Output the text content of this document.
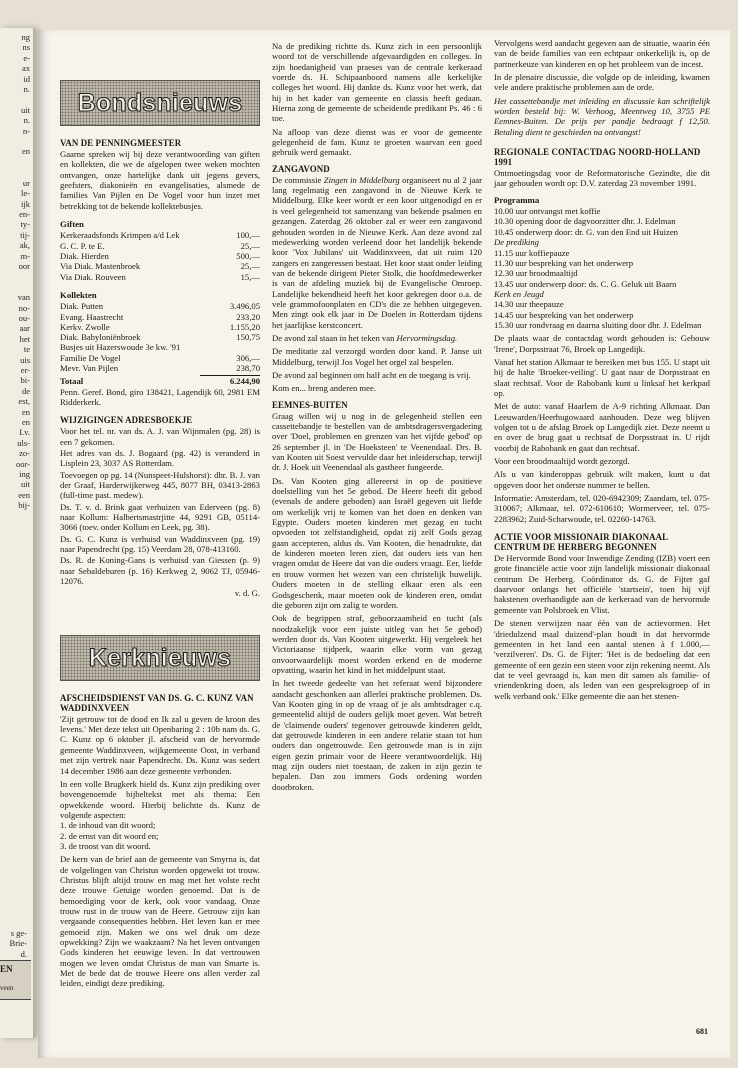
ng
ns
e-
ax
id
n.

uit
n.
n-

en

ur
le-
ijk
en-
ty-
tij-
ak,
m-
oor

van
no-
ou-
aar
het
te
uis
er-
bi-
de
est,
en
en
I.v.
uls-
zo-
oor-
ing
uit
een
bij-
s ge-
Brie-
d.
EN
veen
Bondsnieuws
VAN DE PENNINGMEESTER

Gaarne spreken wij bij deze verantwoording van giften en kollekten, die we de afgelopen twee weken mochten ontvangen, onze hartelijke dank uit jegens gevers, geefsters, diakonieën en evangelisaties, alsmede de families Van Pijlen en De Vogel voor hun inzet met betrekking tot de bekende kollektebusjes.

Giften
Kerkeraadsfonds Krimpen a/d Lek	100,—
G. C. P. te E.	25,—
Diak. Hierden	500,—
Via Diak. Mastenbroek	25,—
Via Diak. Rouveen	15,—
Kollekten
Diak. Putten	3.496,05
Evang. Haastrecht	233,20
Kerkv. Zwolle	1.155,20
Diak. Babyloniënbroek	150,75
Busjes uit Hazerswoude 3e kw. '91	
Familie De Vogel	306,—
Mevr. Van Pijlen	238,70
Totaal	6.244,90

Penn. Geref. Bond, giro 138421, Lagendijk 60, 2981 EM Ridderkerk.

WIJZIGINGEN ADRESBOEKJE

Voor het tel. nr. van ds. A. J. van Wijnmalen (pg. 28) is een 7 gekomen.

Het adres van ds. J. Bogaard (pg. 42) is veranderd in Lisplein 23, 3037 AS Rotterdam.

Toevoegen op pg. 14 (Nunspeet-Hulshorst): dhr. B. J. van der Graaf, Harderwijkerweg 445, 8077 BH, 03413-2863 (full-time past. medew).

Ds. T. v. d. Brink gaat verhuizen van Ederveen (pg. 8) naar Kollum: Halbertsmastrjitte 44, 9291 GB, 05114-3066 (toev. onder Kollum en Leek, pg. 38).

Ds. G. C. Kunz is verhuisd van Waddinxveen (pg. 19) naar Papendrecht (pg. 15) Veerdam 28, 078-413160.

Ds. R. de Koning-Gans is verhuisd van Giessen (p. 9) naar Sebaldeburen (p. 16) Kerkweg 2, 9062 TJ, 05946-12076.

v. d. G.
Kerknieuws
AFSCHEIDSDIENST VAN DS. G. C. KUNZ VAN WADDINXVEEN

'Zijt getrouw tot de dood en Ik zal u geven de kroon des levens.' Met deze tekst uit Openbaring 2 : 10b nam ds. G. C. Kunz op 6 oktober jl. afscheid van de hervormde gemeente Waddinxveen, wijkgemeente Oost, in verband met zijn vertrek naar Papendrecht. Ds. Kunz was sedert 14 december 1986 aan deze gemeente verbonden.

In een volle Brugkerk hield ds. Kunz zijn prediking over bovengenoemde bijbeltekst met als thema: Een opwekkende woord. Hierbij belichtte ds. Kunz de volgende aspecten:

1. de inhoud van dit woord;
2. de ernst van dit woord en;
3. de troost van dit woord.

De kern van de brief aan de gemeente van Smyrna is, dat de volgelingen van Christus worden opgewekt tot trouw. Christus blijft altijd trouw en mag met het volste recht deze trouwe Getuige worden genoemd. Dat is de bemoediging voor de kerk, ook voor vandaag. Onze trouw rust in de trouw van de Heere. Getrouw zijn kan vergaande consequenties hebben. Het leven kan er mee gemoeid zijn. Maken we ons wel druk om deze opwekking? Zijn we waakzaam? Na het leven ontvangen Gods kinderen het eeuwige leven. In dat vertrouwen mogen we leven omdat Christus de man van Smarte is. Met de bede dat de trouwe Heere ons allen verder zal leiden, eindigt deze prediking.

Na de prediking richtte ds. Kunz zich in een persoonlijk woord tot de verschillende afgevaardigden en colleges. In zijn hoedanigheid van praeses van de centrale kerkeraad voerde ds. H. Schipaanboord namens alle kerkelijke colleges het woord. Hij dankte ds. Kunz voor het werk, dat hij in het kader van gemeente en classis heeft gedaan. Hierna zong de gemeente de scheidende predikant Ps. 46 : 6 toe.

Na afloop van deze dienst was er voor de gemeente gelegenheid de fam. Kunz te groeten waarvan een goed gebruik werd gemaakt.

ZANGAVOND

De commissie Zingen in Middelburg organiseert nu al 2 jaar lang regelmatig een zangavond in de Nieuwe Kerk te Middelburg. Elke keer wordt er een koor uitgenodigd en er is veel gelegenheid tot samenzang van bekende psalmen en gezangen. Zaterdag 26 oktober zal er weer een zangavond gehouden worden in de Nieuwe Kerk. Aan deze avond zal medewerking worden verleend door het landelijk bekende koor 'Vox Jubilans' uit Waddinxveen, dat uit ruim 120 zangers en zangeressen bestaat. Het koor staat onder leiding van de bekende dirigent Pieter Stolk, die hoofdmedewerker is van de afdeling muziek bij de Evangelische Omroep. Landelijke bekendheid heeft het koor gekregen door o.a. de vele grammofoonplaten en CD's die ze hebben uitgegeven. Men zingt ook elk jaar in De Doelen in Rotterdam tijdens het jaarlijkse kerstconcert.

De avond zal staan in het teken van Hervormingsdag.

De meditatie zal verzorgd worden door kand. P. Janse uit Middelburg, terwijl Jos Vogel het orgel zal bespelen.

De avond zal beginnen om half acht en de toegang is vrij.

Kom en... breng anderen mee.

EEMNES-BUITEN

Graag willen wij u nog in de gelegenheid stellen een cassettebandje te bestellen van de ambtsdragersvergadering over 'Doel, problemen en grenzen van het vijfde gebod' op 26 september jl. in 'De Hoeksteen' te Veenendaal. Drs. B. van Kooten uit Soest vervulde daar het inleiderschap, terwijl dr. J. Hoek uit Veenendaal als gastheer fungeerde.

Ds. Van Kooten ging allereerst in op de positieve doelstelling van het 5e gebod. De Heere heeft dit gebod (evenals de andere geboden) aan Israël gegeven uit liefde om werkelijk vrij te komen van het doen en denken van Egypte. Ouders moeten kinderen met gezag en tucht opvoeden tot zelfstandigheid, opdat zij zelf Gods gezag gaan accepteren, aldus ds. Van Kooten, die benadrukte, dat de kinderen moeten leren zien, dat ouders iets van hen vragen omdat de Heere dat van die ouders vraagt. Eer, liefde en trouw vormen het wezen van een christelijk huwelijk. Ouders moeten in de stelling elkaar eren als een Godsgeschenk, maar moeten ook de kinderen eren, omdat die geboren zijn om zalig te worden.

Ook de begrippen straf, gehoorzaamheid en tucht (als noodzakelijk voor een juiste uitleg van het 5e gebod) werden door ds. Van Kooten uitgewerkt. Hij vergeleek het Victoriaanse tijdperk, waarin elke vorm van gezag onvoorwaardelijk moest worden erkend en de moderne opvatting, waarin het kind in het middelpunt staat.

In het tweede gedeelte van het referaat werd bijzondere aandacht geschonken aan allerlei praktische problemen. Ds. Van Kooten ging in op de vraag of je als ambtsdrager c.q. gemeentelid altijd de ouders gelijk moet geven. Wat betreft de 'claimende ouders' tegenover getrouwde kinderen geldt, dat getrouwde kinderen in een andere relatie staan tot hun ouders dan ongetrouwde. Een getrouwde man is in zijn eigen gezin primair voor de Heere verantwoordelijk. Hij mag zijn ouders niet toestaan, de zaken in zijn gezin te bepalen. Dan zou immers Gods ordening worden doorbroken.

Vervolgens werd aandacht gegeven aan de situatie, waarin één van de beide families van een echtpaar onkerkelijk is, op de partnerkeuze van kinderen en op het probleem van de incest.

In de plenaire discussie, die volgde op de inleiding, kwamen vele andere praktische problemen aan de orde.

Het cassettebandje met inleiding en discussie kan schriftelijk worden besteld bij: W. Verhoog, Meentweg 10, 3755 PE Eemnes-Buiten. De prijs per pandje bedraagt f 12,50. Betaling dient te geschieden na ontvangst!

REGIONALE CONTACTDAG NOORD-HOLLAND 1991

Ontmoetingsdag voor de Reformatorische Gezindte, die dit jaar gehouden wordt op: D.V. zaterdag 23 november 1991.

Programma
10.00 uur ontvangst met koffie
10.30 opening door de dagvoorzitter dhr. J. Edelman
10.45 onderwerp door: dr. G. van den End uit Huizen
De prediking
11.15 uur koffiepauze
11.30 uur bespreking van het onderwerp
12.30 uur broodmaaltijd
13.45 uur onderwerp door: ds. C. G. Geluk uit Baarn
Kerk en Jeugd
14.30 uur theepauze
14.45 uur bespreking van het onderwerp
15.30 uur rondvraag en daarna sluiting door dhr. J. Edelman

De plaats waar de contactdag wordt gehouden is: Gebouw 'Irene', Dorpsstraat 76, Broek op Langedijk.

Vanaf het station Alkmaar te bereiken met bus 155. U stapt uit bij de halte 'Broeker-veiling'. U gaat naar de Dorpsstraat en slaat rechtsaf. Voor de Rabobank kunt u linksaf het kerkpad op.

Met de auto: vanaf Haarlem de A-9 richting Alkmaar. Dan Leeuwarden/Heerhugowaard aanhouden. Deze weg blijven volgen tot u de afslag Broek op Langedijk ziet. Deze neemt u en over de brug gaat u rechtsaf de Dorpsstraat in. U rijdt voorbij de Rabobank en gaat dan rechtsaf.

Voor een broodmaaltijd wordt gezorgd.

Als u van kinderoppas gebruik wilt maken, kunt u dat opgeven door het onderste nummer te bellen.

Informatie: Amsterdam, tel. 020-6942309; Zaandam, tel. 075-310067; Alkmaar, tel. 072-610610; Wormerveer, tel. 075-2283962; Zuid-Scharwoude, tel. 02260-14763.

ACTIE VOOR MISSIONAIR DIAKONAAL CENTRUM DE HERBERG BEGONNEN

De Hervormde Bond voor Inwendige Zending (IZB) voert een grote financiële actie voor zijn landelijk missionair diakonaal centrum De Herberg. Coördinator ds. G. de Fijter gaf daarvoor onlangs het officiële 'startsein', toen hij vijf bakstenen overhandigde aan de kerkeraad van de hervormde gemeente van Polsbroek en Vlist.

De stenen verwijzen naar één van de actievormen. Het 'driedulzend maal duizend'-plan houdt in dat hervormde gemeenten in het land een aantal stenen à f 1.000,— 'verzilveren'. Ds. G. de Fijter: 'Het is de bedoeling dat een gemeente of een gezin een steen voor zijn rekening neemt. Als dat te veel gevraagd is, kan men dit samen als familie- of vriendenkring doen, als leden van een gespreksgroep of in welk verband ook.' Elke gemeente die aan het stenen-

681
